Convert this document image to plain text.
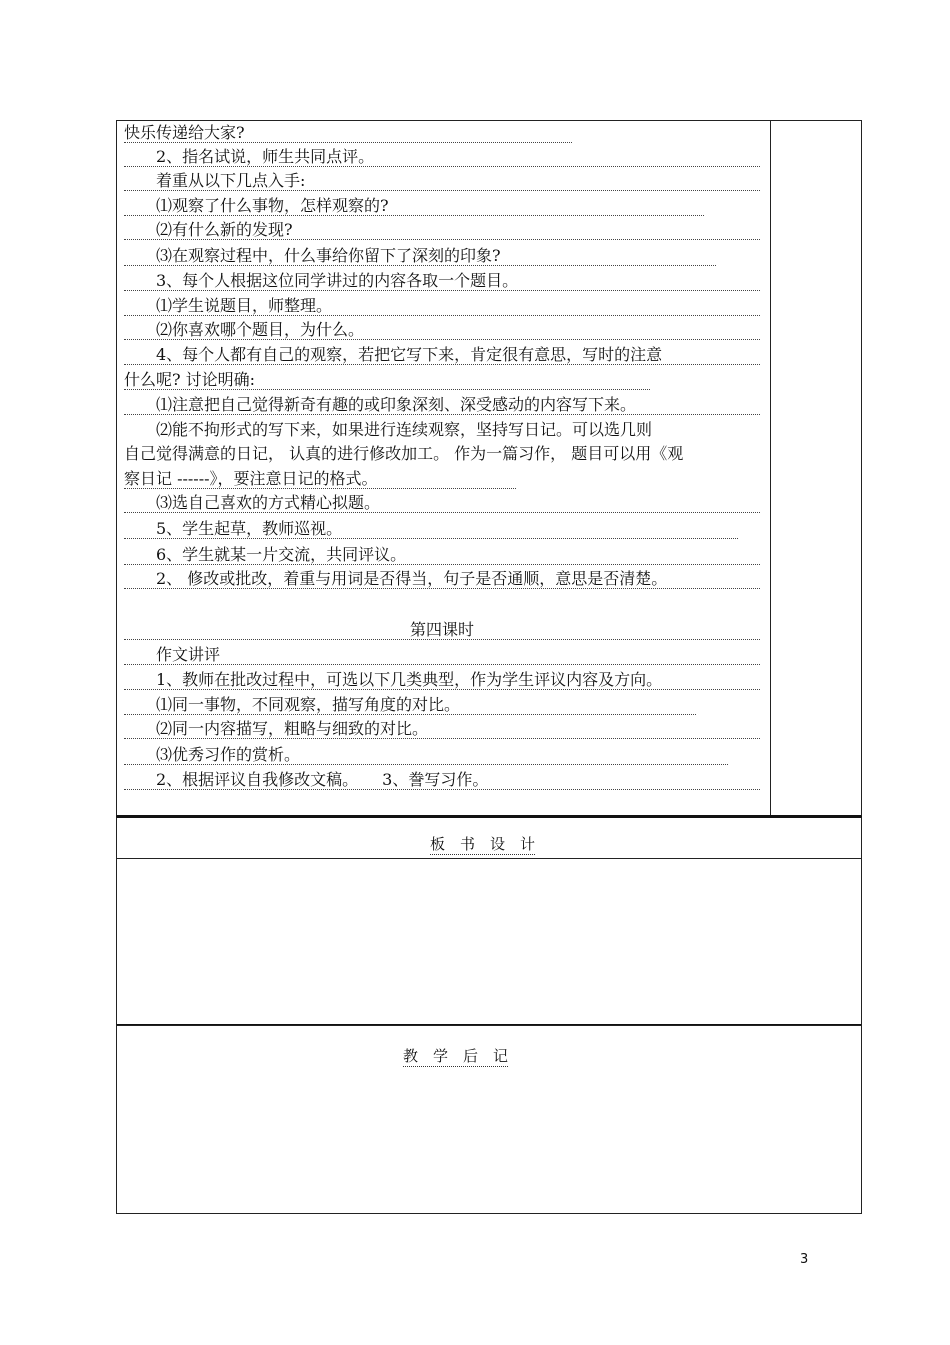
快乐传递给大家?
　　2、指名试说，师生共同点评。
　　着重从以下几点入手:
　　⑴观察了什么事物，怎样观察的?
　　⑵有什么新的发现?
　　⑶在观察过程中，什么事给你留下了深刻的印象?
　　3、每个人根据这位同学讲过的内容各取一个题目。
　　⑴学生说题目，师整理。
　　⑵你喜欢哪个题目，为什么。
　　4、每个人都有自己的观察，若把它写下来，肯定很有意思，写时的注意
什么呢? 讨论明确:
　　⑴注意把自己觉得新奇有趣的或印象深刻、深受感动的内容写下来。
　　⑵能不拘形式的写下来，如果进行连续观察，坚持写日记。可以选几则
自己觉得满意的日记， 认真的进行修改加工。 作为一篇习作， 题目可以用《观
察日记 ------》，要注意日记的格式。
　　⑶选自己喜欢的方式精心拟题。
　　5、学生起草，教师巡视。
　　6、学生就某一片交流，共同评议。
　　2、 修改或批改，着重与用词是否得当，句子是否通顺，意思是否清楚。
第四课时
　　作文讲评
　　1、教师在批改过程中，可选以下几类典型，作为学生评议内容及方向。
　　⑴同一事物，不同观察，描写角度的对比。
　　⑵同一内容描写，粗略与细致的对比。
　　⑶优秀习作的赏析。
　　2、根据评议自我修改文稿。　　3、誊写习作。
板　书　设　计
教　学　后　记
3
